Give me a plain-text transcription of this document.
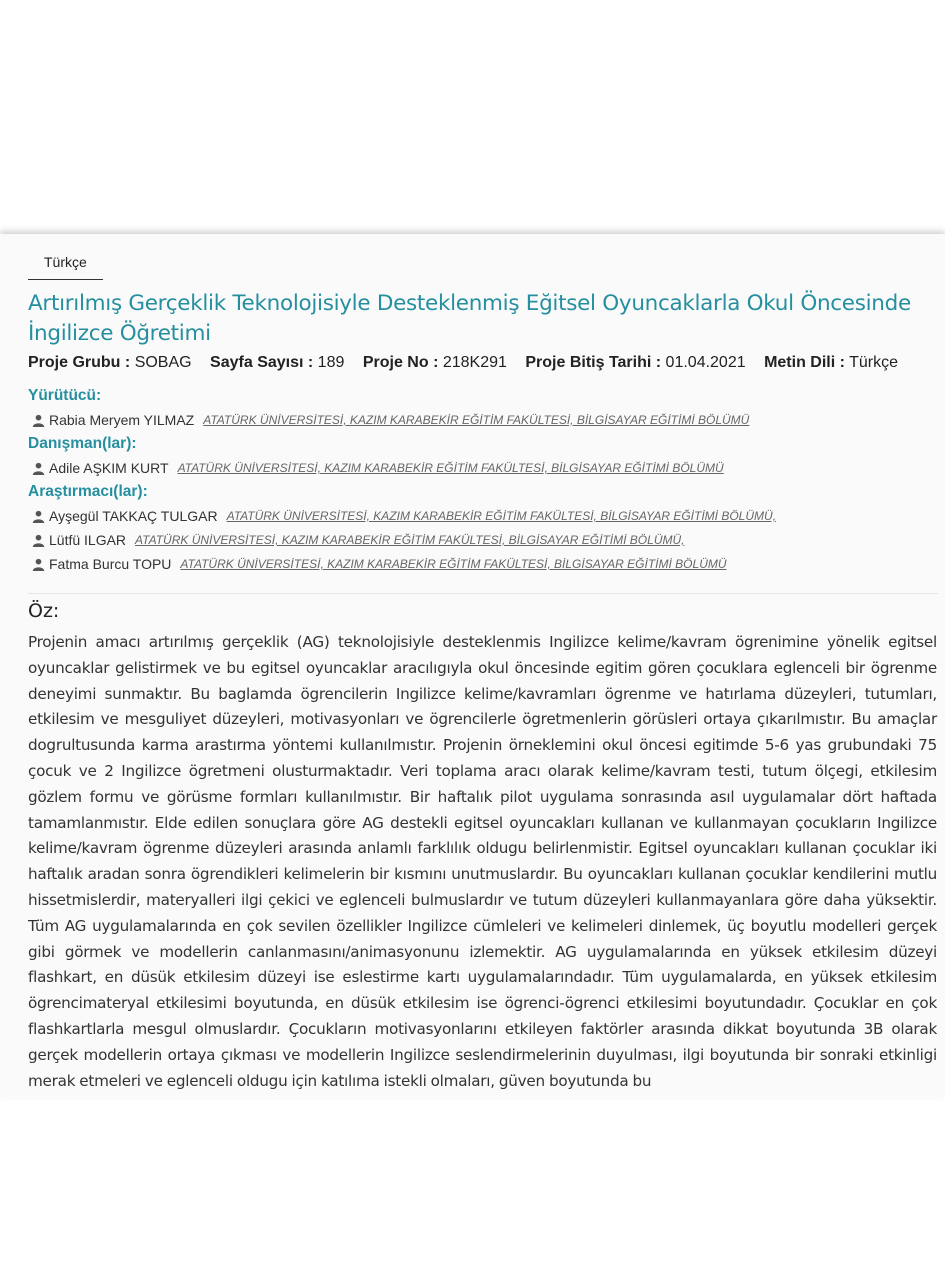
Türkçe
Artırılmış Gerçeklik Teknolojisiyle Desteklenmiş Eğitsel Oyuncaklarla Okul Öncesinde İngilizce Öğretimi
Proje Grubu : SOBAG Sayfa Sayısı : 189 Proje No : 218K291 Proje Bitiş Tarihi : 01.04.2021 Metin Dili : Türkçe
Yürütücü:
Rabia Meryem YILMAZ ATATÜRK ÜNİVERSİTESİ, KAZIM KARABEKİR EĞİTİM FAKÜLTESİ, BİLGİSAYAR EĞİTİMİ BÖLÜMÜ
Danışman(lar):
Adile AŞKIM KURT ATATÜRK ÜNİVERSİTESİ, KAZIM KARABEKİR EĞİTİM FAKÜLTESİ, BİLGİSAYAR EĞİTİMİ BÖLÜMÜ
Araştırmacı(lar):
Ayşegül TAKKAÇ TULGAR ATATÜRK ÜNİVERSİTESİ, KAZIM KARABEKİR EĞİTİM FAKÜLTESİ, BİLGİSAYAR EĞİTİMİ BÖLÜMÜ,
Lütfü ILGAR ATATÜRK ÜNİVERSİTESİ, KAZIM KARABEKİR EĞİTİM FAKÜLTESİ, BİLGİSAYAR EĞİTİMİ BÖLÜMÜ,
Fatma Burcu TOPU ATATÜRK ÜNİVERSİTESİ, KAZIM KARABEKİR EĞİTİM FAKÜLTESİ, BİLGİSAYAR EĞİTİMİ BÖLÜMÜ
Öz:
Projenin amacı artırılmış gerçeklik (AG) teknolojisiyle desteklenmis Ingilizce kelime/kavram ögrenimine yönelik egitsel oyuncaklar gelistirmek ve bu egitsel oyuncaklar aracılıgıyla okul öncesinde egitim gören çocuklara eglenceli bir ögrenme deneyimi sunmaktır. Bu baglamda ögrencilerin Ingilizce kelime/kavramları ögrenme ve hatırlama düzeyleri, tutumları, etkilesim ve mesguliyet düzeyleri, motivasyonları ve ögrencilerle ögretmenlerin görüsleri ortaya çıkarılmıstır. Bu amaçlar dogrultusunda karma arastırma yöntemi kullanılmıstır. Projenin örneklemini okul öncesi egitimde 5-6 yas grubundaki 75 çocuk ve 2 Ingilizce ögretmeni olusturmaktadır. Veri toplama aracı olarak kelime/kavram testi, tutum ölçegi, etkilesim gözlem formu ve görüsme formları kullanılmıstır. Bir haftalık pilot uygulama sonrasında asıl uygulamalar dört haftada tamamlanmıstır. Elde edilen sonuçlara göre AG destekli egitsel oyuncakları kullanan ve kullanmayan çocukların Ingilizce kelime/kavram ögrenme düzeyleri arasında anlamlı farklılık oldugu belirlenmistir. Egitsel oyuncakları kullanan çocuklar iki haftalık aradan sonra ögrendikleri kelimelerin bir kısmını unutmuslardır. Bu oyuncakları kullanan çocuklar kendilerini mutlu hissetmislerdir, materyalleri ilgi çekici ve eglenceli bulmuslardır ve tutum düzeyleri kullanmayanlara göre daha yüksektir. Tüm AG uygulamalarında en çok sevilen özellikler Ingilizce cümleleri ve kelimeleri dinlemek, üç boyutlu modelleri gerçek gibi görmek ve modellerin canlanmasını/animasyonunu izlemektir. AG uygulamalarında en yüksek etkilesim düzeyi flashkart, en düsük etkilesim düzeyi ise eslestirme kartı uygulamalarındadır. Tüm uygulamalarda, en yüksek etkilesim ögrencimateryal etkilesimi boyutunda, en düsük etkilesim ise ögrenci-ögrenci etkilesimi boyutundadır. Çocuklar en çok flashkartlarla mesgul olmuslardır. Çocukların motivasyonlarını etkileyen faktörler arasında dikkat boyutunda 3B olarak gerçek modellerin ortaya çıkması ve modellerin Ingilizce seslendirmelerinin duyulması, ilgi boyutunda bir sonraki etkinligi merak etmeleri ve eglenceli oldugu için katılıma istekli olmaları, güven boyutunda bu
